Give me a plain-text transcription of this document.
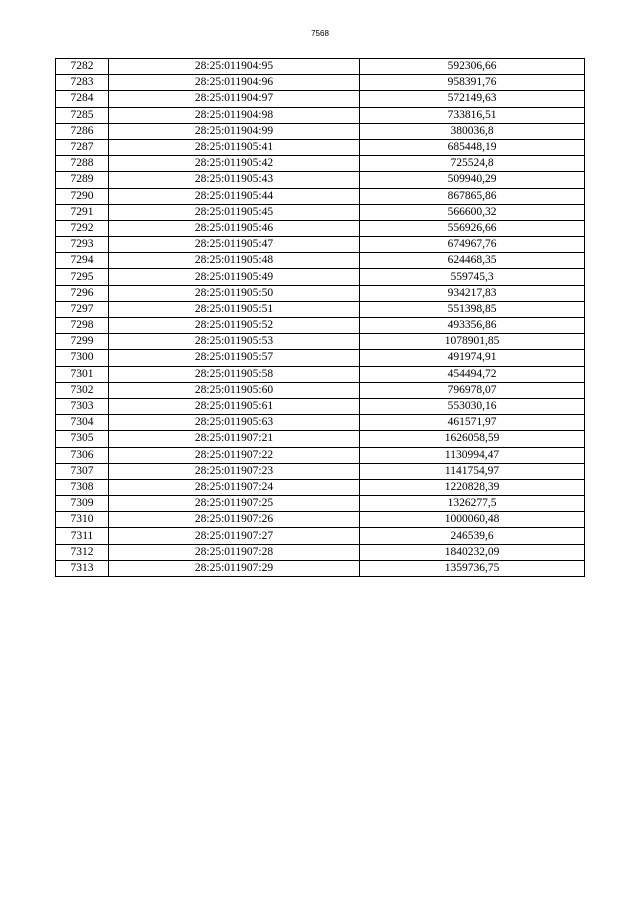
7568
7282	28:25:011904:95	592306,66
7283	28:25:011904:96	958391,76
7284	28:25:011904:97	572149,63
7285	28:25:011904:98	733816,51
7286	28:25:011904:99	380036,8
7287	28:25:011905:41	685448,19
7288	28:25:011905:42	725524,8
7289	28:25:011905:43	509940,29
7290	28:25:011905:44	867865,86
7291	28:25:011905:45	566600,32
7292	28:25:011905:46	556926,66
7293	28:25:011905:47	674967,76
7294	28:25:011905:48	624468,35
7295	28:25:011905:49	559745,3
7296	28:25:011905:50	934217,83
7297	28:25:011905:51	551398,85
7298	28:25:011905:52	493356,86
7299	28:25:011905:53	1078901,85
7300	28:25:011905:57	491974,91
7301	28:25:011905:58	454494,72
7302	28:25:011905:60	796978,07
7303	28:25:011905:61	553030,16
7304	28:25:011905:63	461571,97
7305	28:25:011907:21	1626058,59
7306	28:25:011907:22	1130994,47
7307	28:25:011907:23	1141754,97
7308	28:25:011907:24	1220828,39
7309	28:25:011907:25	1326277,5
7310	28:25:011907:26	1000060,48
7311	28:25:011907:27	246539,6
7312	28:25:011907:28	1840232,09
7313	28:25:011907:29	1359736,75
